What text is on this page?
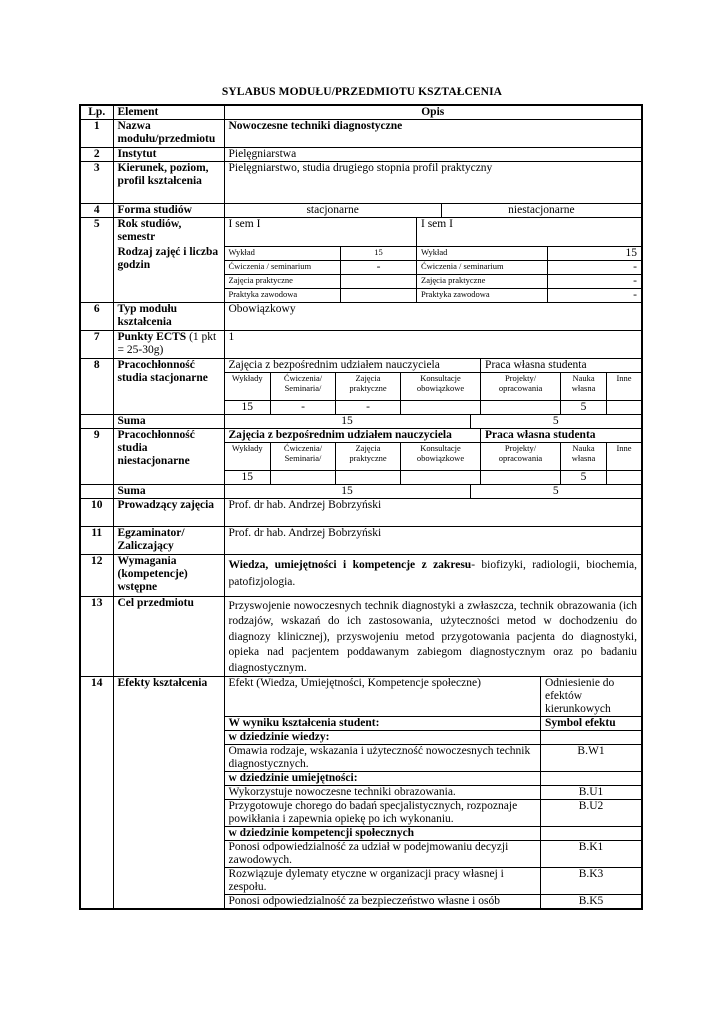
SYLABUS MODUŁU/PRZEDMIOTU KSZTAŁCENIA
Lp.	Element	Opis
1	Nazwa modułu/przedmiotu	Nowoczesne techniki diagnostyczne
2	Instytut	Pielęgniarstwa
3	Kierunek, poziom, profil kształcenia	Pielęgniarstwo, studia drugiego stopnia profil praktyczny
4	Forma studiów		stacjonarne	niestacjonarne

5	Rok studiów, semestr
Rodzaj zajęć i liczba godzin

I sem I	I sem I
Wykład	15	Wykład	15
Ćwiczenia / seminarium	-	Ćwiczenia / seminarium	-
Zajęcia praktyczne		Zajęcia praktyczne	-
Praktyka zawodowa		Praktyka zawodowa	-

6	Typ modułu kształcenia	Obowiązkowy
7	Punkty ECTS (1 pkt = 25-30g)	1
8	Pracochłonność studia stacjonarne	
Zajęcia z bezpośrednim udziałem nauczyciela	Praca własna studenta
Wykłady	Ćwiczenia/ Seminaria/	Zajęcia praktyczne	Konsultacje obowiązkowe	Projekty/ opracowania	Nauka własna	Inne
15	-	-			5	

	Suma		15	5

9	Pracochłonność studia niestacjonarne	
Zajęcia z bezpośrednim udziałem nauczyciela	Praca własna studenta
Wykłady	Ćwiczenia/ Seminaria/	Zajęcia praktyczne	Konsultacje obowiązkowe	Projekty/ opracowania	Nauka własna	Inne
15					5	

	Suma		15	5

10	Prowadzący zajęcia	Prof. dr hab. Andrzej Bobrzyński
11	Egzaminator/ Zaliczający	Prof. dr hab. Andrzej Bobrzyński
12	Wymagania (kompetencje) wstępne	Wiedza, umiejętności i kompetencje z zakresu- biofizyki, radiologii, biochemia, patofizjologia.
13	Cel przedmiotu	Przyswojenie nowoczesnych technik diagnostyki a zwłaszcza, technik obrazowania (ich rodzajów, wskazań do ich zastosowania, użyteczności metod w dochodzeniu do diagnozy klinicznej), przyswojeniu metod przygotowania pacjenta do diagnostyki, opieka nad pacjentem poddawanym zabiegom diagnostycznym oraz po badaniu diagnostycznym.
14	Efekty kształcenia	Efekt (Wiedza, Umiejętności, Kompetencje społeczne)	Odniesienie do efektów kierunkowych
W wyniku kształcenia student:	Symbol efektu
w dziedzinie wiedzy:	
Omawia rodzaje, wskazania i użyteczność nowoczesnych technik diagnostycznych.	B.W1
w dziedzinie umiejętności:	
Wykorzystuje nowoczesne techniki obrazowania.	B.U1
Przygotowuje chorego do badań specjalistycznych, rozpoznaje powikłania i zapewnia opiekę po ich wykonaniu.	B.U2
w dziedzinie kompetencji społecznych	
Ponosi odpowiedzialność za udział w podejmowaniu decyzji zawodowych.	B.K1
Rozwiązuje dylematy etyczne w organizacji pracy własnej i zespołu.	B.K3
Ponosi odpowiedzialność za bezpieczeństwo własne i osób	B.K5
